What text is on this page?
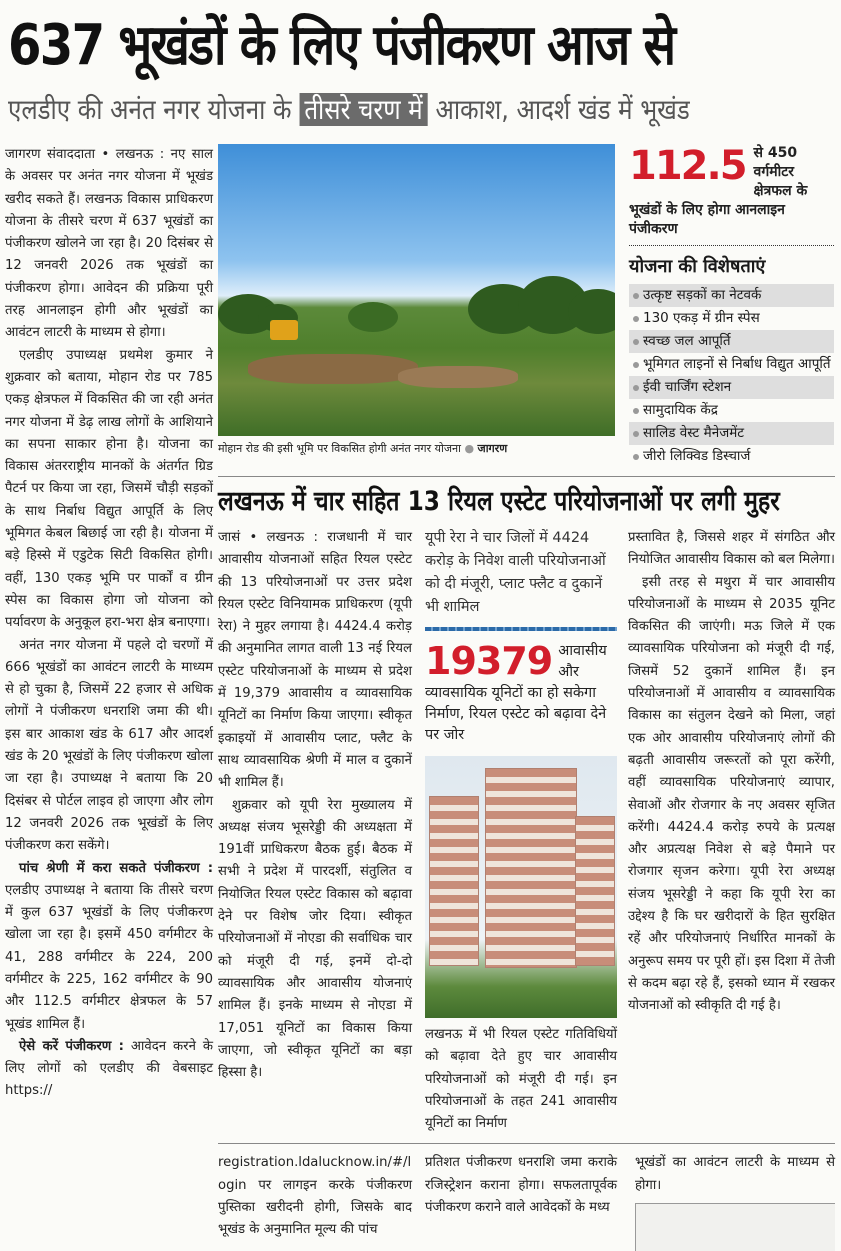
637 भूखंडों के लिए पंजीकरण आज से
एलडीए की अनंत नगर योजना के तीसरे चरण में आकाश, आदर्श खंड में भूखंड

जागरण संवाददाता • लखनऊ : नए साल के अवसर पर अनंत नगर योजना में भूखंड खरीद सकते हैं। लखनऊ विकास प्राधिकरण योजना के तीसरे चरण में 637 भूखंडों का पंजीकरण खोलने जा रहा है। 20 दिसंबर से 12 जनवरी 2026 तक भूखंडों का पंजीकरण होगा। आवेदन की प्रक्रिया पूरी तरह आनलाइन होगी और भूखंडों का आवंटन लाटरी के माध्यम से होगा।

एलडीए उपाध्यक्ष प्रथमेश कुमार ने शुक्रवार को बताया, मोहान रोड पर 785 एकड़ क्षेत्रफल में विकसित की जा रही अनंत नगर योजना में डेढ़ लाख लोगों के आशियाने का सपना साकार होना है। योजना का विकास अंतरराष्ट्रीय मानकों के अंतर्गत ग्रिड पैटर्न पर किया जा रहा, जिसमें चौड़ी सड़कों के साथ निर्बाध विद्युत आपूर्ति के लिए भूमिगत केबल बिछाई जा रही है। योजना में बड़े हिस्से में एडुटेक सिटी विकसित होगी। वहीं, 130 एकड़ भूमि पर पार्कों व ग्रीन स्पेस का विकास होगा जो योजना को पर्यावरण के अनुकूल हरा-भरा क्षेत्र बनाएगा।

अनंत नगर योजना में पहले दो चरणों में 666 भूखंडों का आवंटन लाटरी के माध्यम से हो चुका है, जिसमें 22 हजार से अधिक लोगों ने पंजीकरण धनराशि जमा की थी। इस बार आकाश खंड के 617 और आदर्श खंड के 20 भूखंडों के लिए पंजीकरण खोला जा रहा है। उपाध्यक्ष ने बताया कि 20 दिसंबर से पोर्टल लाइव हो जाएगा और लोग 12 जनवरी 2026 तक भूखंडों के लिए पंजीकरण करा सकेंगे।

पांच श्रेणी में करा सकते पंजीकरण : एलडीए उपाध्यक्ष ने बताया कि तीसरे चरण में कुल 637 भूखंडों के लिए पंजीकरण खोला जा रहा है। इसमें 450 वर्गमीटर के 41, 288 वर्गमीटर के 224, 200 वर्गमीटर के 225, 162 वर्गमीटर के 90 और 112.5 वर्गमीटर क्षेत्रफल के 57 भूखंड शामिल हैं।

ऐसे करें पंजीकरण : आवेदन करने के लिए लोगों को एलडीए की वेबसाइट https://

मोहान रोड की इसी भूमि पर विकसित होगी अनंत नगर योजना ● जागरण
112.5 से 450 वर्गमीटर क्षेत्रफल के भूखंडों के लिए होगा आनलाइन पंजीकरण
योजना की विशेषताएं
उत्कृष्ट सड़कों का नेटवर्क
130 एकड़ में ग्रीन स्पेस
स्वच्छ जल आपूर्ति
भूमिगत लाइनों से निर्बाध विद्युत आपूर्ति
ईवी चार्जिंग स्टेशन
सामुदायिक केंद्र
सालिड वेस्ट मैनेजमेंट
जीरो लिक्विड डिस्चार्ज
लखनऊ में चार सहित 13 रियल एस्टेट परियोजनाओं पर लगी मुहर

जासं • लखनऊ : राजधानी में चार आवासीय योजनाओं सहित रियल एस्टेट की 13 परियोजनाओं पर उत्तर प्रदेश रियल एस्टेट विनियामक प्राधिकरण (यूपी रेरा) ने मुहर लगाया है। 4424.4 करोड़ की अनुमानित लागत वाली 13 नई रियल एस्टेट परियोजनाओं के माध्यम से प्रदेश में 19,379 आवासीय व व्यावसायिक यूनिटों का निर्माण किया जाएगा। स्वीकृत इकाइयों में आवासीय प्लाट, फ्लैट के साथ व्यावसायिक श्रेणी में माल व दुकानें भी शामिल हैं।

शुक्रवार को यूपी रेरा मुख्यालय में अध्यक्ष संजय भूसरेड्डी की अध्यक्षता में 191वीं प्राधिकरण बैठक हुई। बैठक में सभी ने प्रदेश में पारदर्शी, संतुलित व नियोजित रियल एस्टेट विकास को बढ़ावा देने पर विशेष जोर दिया। स्वीकृत परियोजनाओं में नोएडा की सर्वाधिक चार को मंजूरी दी गई, इनमें दो-दो व्यावसायिक और आवासीय योजनाएं शामिल हैं। इनके माध्यम से नोएडा में 17,051 यूनिटों का विकास किया जाएगा, जो स्वीकृत यूनिटों का बड़ा हिस्सा है।

यूपी रेरा ने चार जिलों में 4424 करोड़ के निवेश वाली परियोजनाओं को दी मंजूरी, प्लाट फ्लैट व दुकानें भी शामिल
19379 आवासीय और व्यावसायिक यूनिटों का हो सकेगा निर्माण, रियल एस्टेट को बढ़ावा देने पर जोर
लखनऊ में भी रियल एस्टेट गतिविधियों को बढ़ावा देते हुए चार आवासीय परियोजनाओं को मंजूरी दी गई। इन परियोजनाओं के तहत 241 आवासीय यूनिटों का निर्माण

प्रस्तावित है, जिससे शहर में संगठित और नियोजित आवासीय विकास को बल मिलेगा।

इसी तरह से मथुरा में चार आवासीय परियोजनाओं के माध्यम से 2035 यूनिट विकसित की जाएंगी। मऊ जिले में एक व्यावसायिक परियोजना को मंजूरी दी गई, जिसमें 52 दुकानें शामिल हैं। इन परियोजनाओं में आवासीय व व्यावसायिक विकास का संतुलन देखने को मिला, जहां एक ओर आवासीय परियोजनाएं लोगों की बढ़ती आवासीय जरूरतों को पूरा करेंगी, वहीं व्यावसायिक परियोजनाएं व्यापार, सेवाओं और रोजगार के नए अवसर सृजित करेंगी। 4424.4 करोड़ रुपये के प्रत्यक्ष और अप्रत्यक्ष निवेश से बड़े पैमाने पर रोजगार सृजन करेगा। यूपी रेरा अध्यक्ष संजय भूसरेड्डी ने कहा कि यूपी रेरा का उद्देश्य है कि घर खरीदारों के हित सुरक्षित रहें और परियोजनाएं निर्धारित मानकों के अनुरूप समय पर पूरी हों। इस दिशा में तेजी से कदम बढ़ा रहे हैं, इसको ध्यान में रखकर योजनाओं को स्वीकृति दी गई है।

registration.ldalucknow.in/#/login पर लागइन करके पंजीकरण पुस्तिका खरीदनी होगी, जिसके बाद भूखंड के अनुमानित मूल्य की पांच
प्रतिशत पंजीकरण धनराशि जमा कराके रजिस्ट्रेशन कराना होगा। सफलतापूर्वक पंजीकरण कराने वाले आवेदकों के मध्य
भूखंडों का आवंटन लाटरी के माध्यम से होगा।
